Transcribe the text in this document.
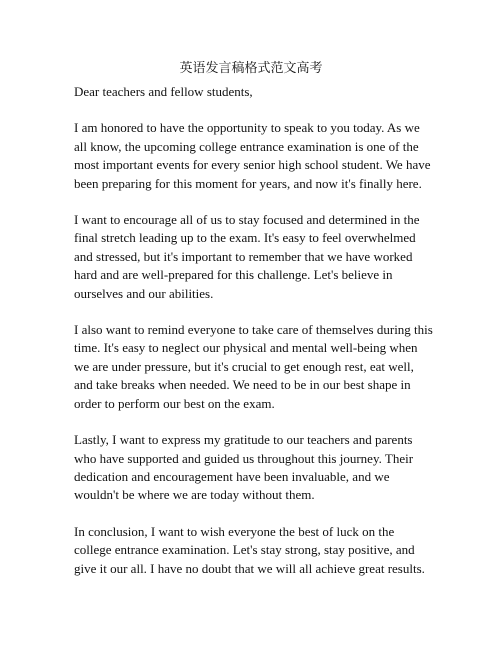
英语发言稿格式范文高考

Dear teachers and fellow students,

I am honored to have the opportunity to speak to you today. As we all know, the upcoming college entrance examination is one of the most important events for every senior high school student. We have been preparing for this moment for years, and now it's finally here.

I want to encourage all of us to stay focused and determined in the final stretch leading up to the exam. It's easy to feel overwhelmed and stressed, but it's important to remember that we have worked hard and are well-prepared for this challenge. Let's believe in ourselves and our abilities.

I also want to remind everyone to take care of themselves during this time. It's easy to neglect our physical and mental well-being when we are under pressure, but it's crucial to get enough rest, eat well, and take breaks when needed. We need to be in our best shape in order to perform our best on the exam.

Lastly, I want to express my gratitude to our teachers and parents who have supported and guided us throughout this journey. Their dedication and encouragement have been invaluable, and we wouldn't be where we are today without them.

In conclusion, I want to wish everyone the best of luck on the college entrance examination. Let's stay strong, stay positive, and give it our all. I have no doubt that we will all achieve great results.
